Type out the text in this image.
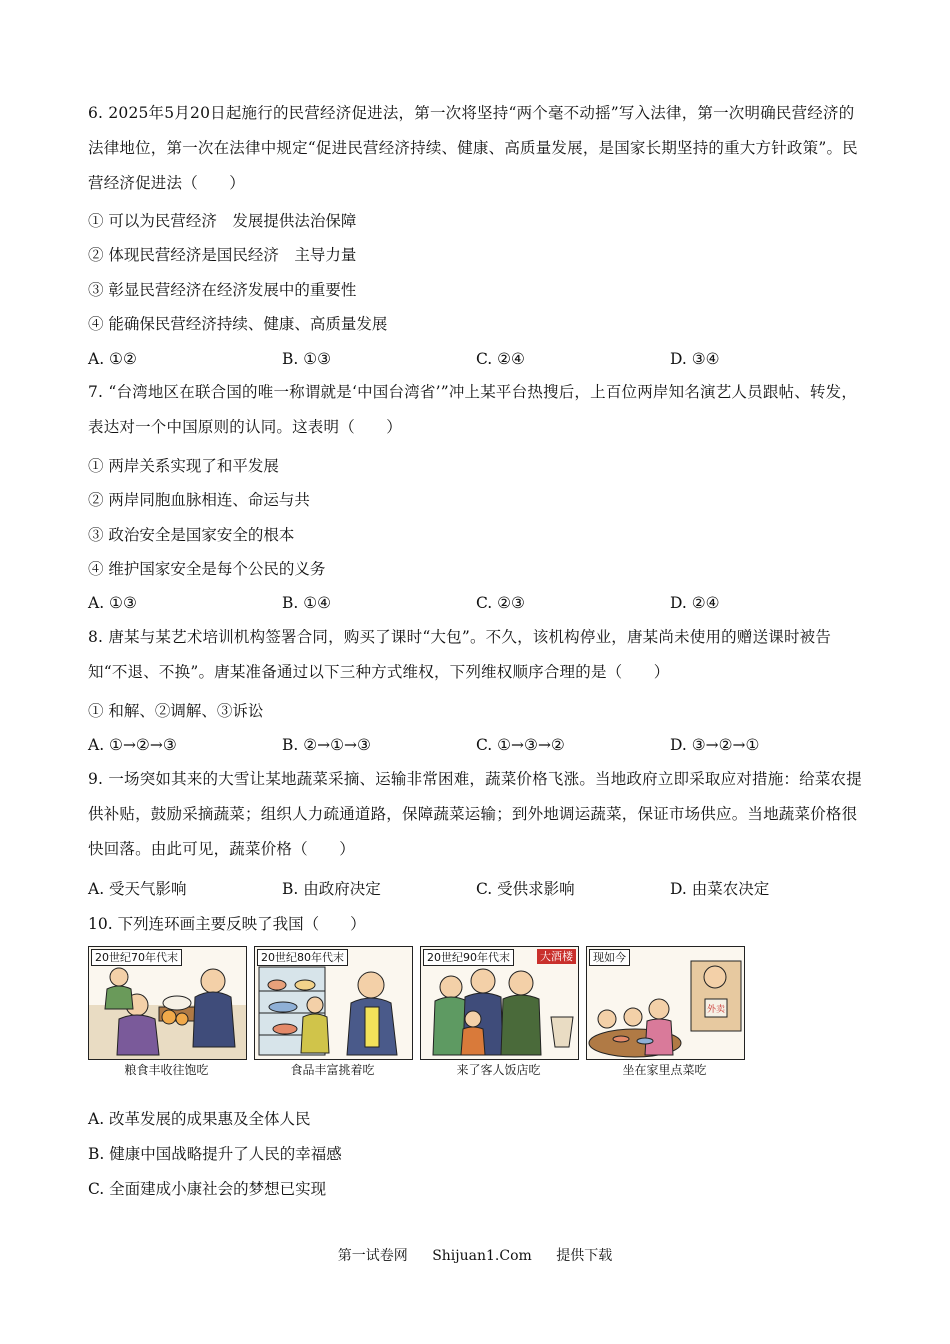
6. 2025年5月20日起施行的民营经济促进法，第一次将坚持“两个毫不动摇”写入法律，第一次明确民营经济的法律地位，第一次在法律中规定“促进民营经济持续、健康、高质量发展，是国家长期坚持的重大方针政策”。民营经济促进法（　　）
① 可以为民营经济　发展提供法治保障
② 体现民营经济是国民经济　主导力量
③ 彰显民营经济在经济发展中的重要性
④ 能确保民营经济持续、健康、高质量发展
A. ①②	B. ①③	C. ②④	D. ③④
7. “台湾地区在联合国的唯一称谓就是‘中国台湾省’”冲上某平台热搜后，上百位两岸知名演艺人员跟帖、转发，表达对一个中国原则的认同。这表明（　　）
① 两岸关系实现了和平发展
② 两岸同胞血脉相连、命运与共
③ 政治安全是国家安全的根本
④ 维护国家安全是每个公民的义务
A. ①③	B. ①④	C. ②③	D. ②④
8. 唐某与某艺术培训机构签署合同，购买了课时“大包”。不久，该机构停业，唐某尚未使用的赠送课时被告知“不退、不换”。唐某准备通过以下三种方式维权，下列维权顺序合理的是（　　）
① 和解、②调解、③诉讼
A. ①→②→③	B. ②→①→③	C. ①→③→②	D. ③→②→①
9. 一场突如其来的大雪让某地蔬菜采摘、运输非常困难，蔬菜价格飞涨。当地政府立即采取应对措施：给菜农提供补贴，鼓励采摘蔬菜；组织人力疏通道路，保障蔬菜运输；到外地调运蔬菜，保证市场供应。当地蔬菜价格很快回落。由此可见，蔬菜价格（　　）
A. 受天气影响	B. 由政府决定	C. 受供求影响	D. 由菜农决定
10. 下列连环画主要反映了我国（　　）
20世纪70年代末	20世纪80年代末	20世纪90年代末	大酒楼	现如今
外卖
粮食丰收往饱吃	食品丰富挑着吃	来了客人饭店吃	坐在家里点菜吃
A. 改革发展的成果惠及全体人民
B. 健康中国战略提升了人民的幸福感
C. 全面建成小康社会的梦想已实现
第一试卷网 Shijuan1.Com 提供下载
